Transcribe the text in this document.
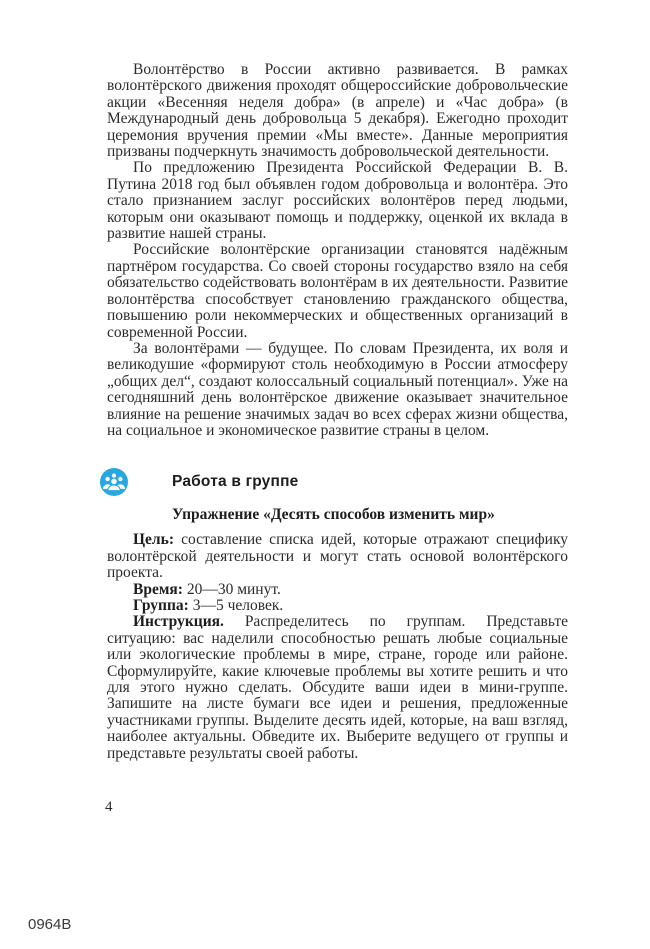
Волонтёрство в России активно развивается. В рамках волонтёрского движения проходят общероссийские добровольческие акции «Весенняя неделя добра» (в апреле) и «Час добра» (в Международный день добровольца 5 декабря). Ежегодно проходит церемония вручения премии «Мы вместе». Данные мероприятия призваны подчеркнуть значимость добровольческой деятельности.

По предложению Президента Российской Федерации В. В. Путина 2018 год был объявлен годом добровольца и волонтёра. Это стало признанием заслуг российских волонтёров перед людьми, которым они оказывают помощь и поддержку, оценкой их вклада в развитие нашей страны.

Российские волонтёрские организации становятся надёжным партнёром государства. Со своей стороны государство взяло на себя обязательство содействовать волонтёрам в их деятельности. Развитие волонтёрства способствует становлению гражданского общества, повышению роли некоммерческих и общественных организаций в современной России.

За волонтёрами — будущее. По словам Президента, их воля и великодушие «формируют столь необходимую в России атмосферу „общих дел“, создают колоссальный социальный потенциал». Уже на сегодняшний день волонтёрское движение оказывает значительное влияние на решение значимых задач во всех сферах жизни общества, на социальное и экономическое развитие страны в целом.

Работа в группе
Упражнение «Десять способов изменить мир»

Цель: составление списка идей, которые отражают специфику волонтёрской деятельности и могут стать основой волонтёрского проекта.

Время: 20—30 минут.

Группа: 3—5 человек.

Инструкция. Распределитесь по группам. Представьте ситуацию: вас наделили способностью решать любые социальные или экологические проблемы в мире, стране, городе или районе. Сформулируйте, какие ключевые проблемы вы хотите решить и что для этого нужно сделать. Обсудите ваши идеи в мини-группе. Запишите на листе бумаги все идеи и решения, предложенные участниками группы. Выделите десять идей, которые, на ваш взгляд, наиболее актуальны. Обведите их. Выберите ведущего от группы и представьте результаты своей работы.

4
0964B
